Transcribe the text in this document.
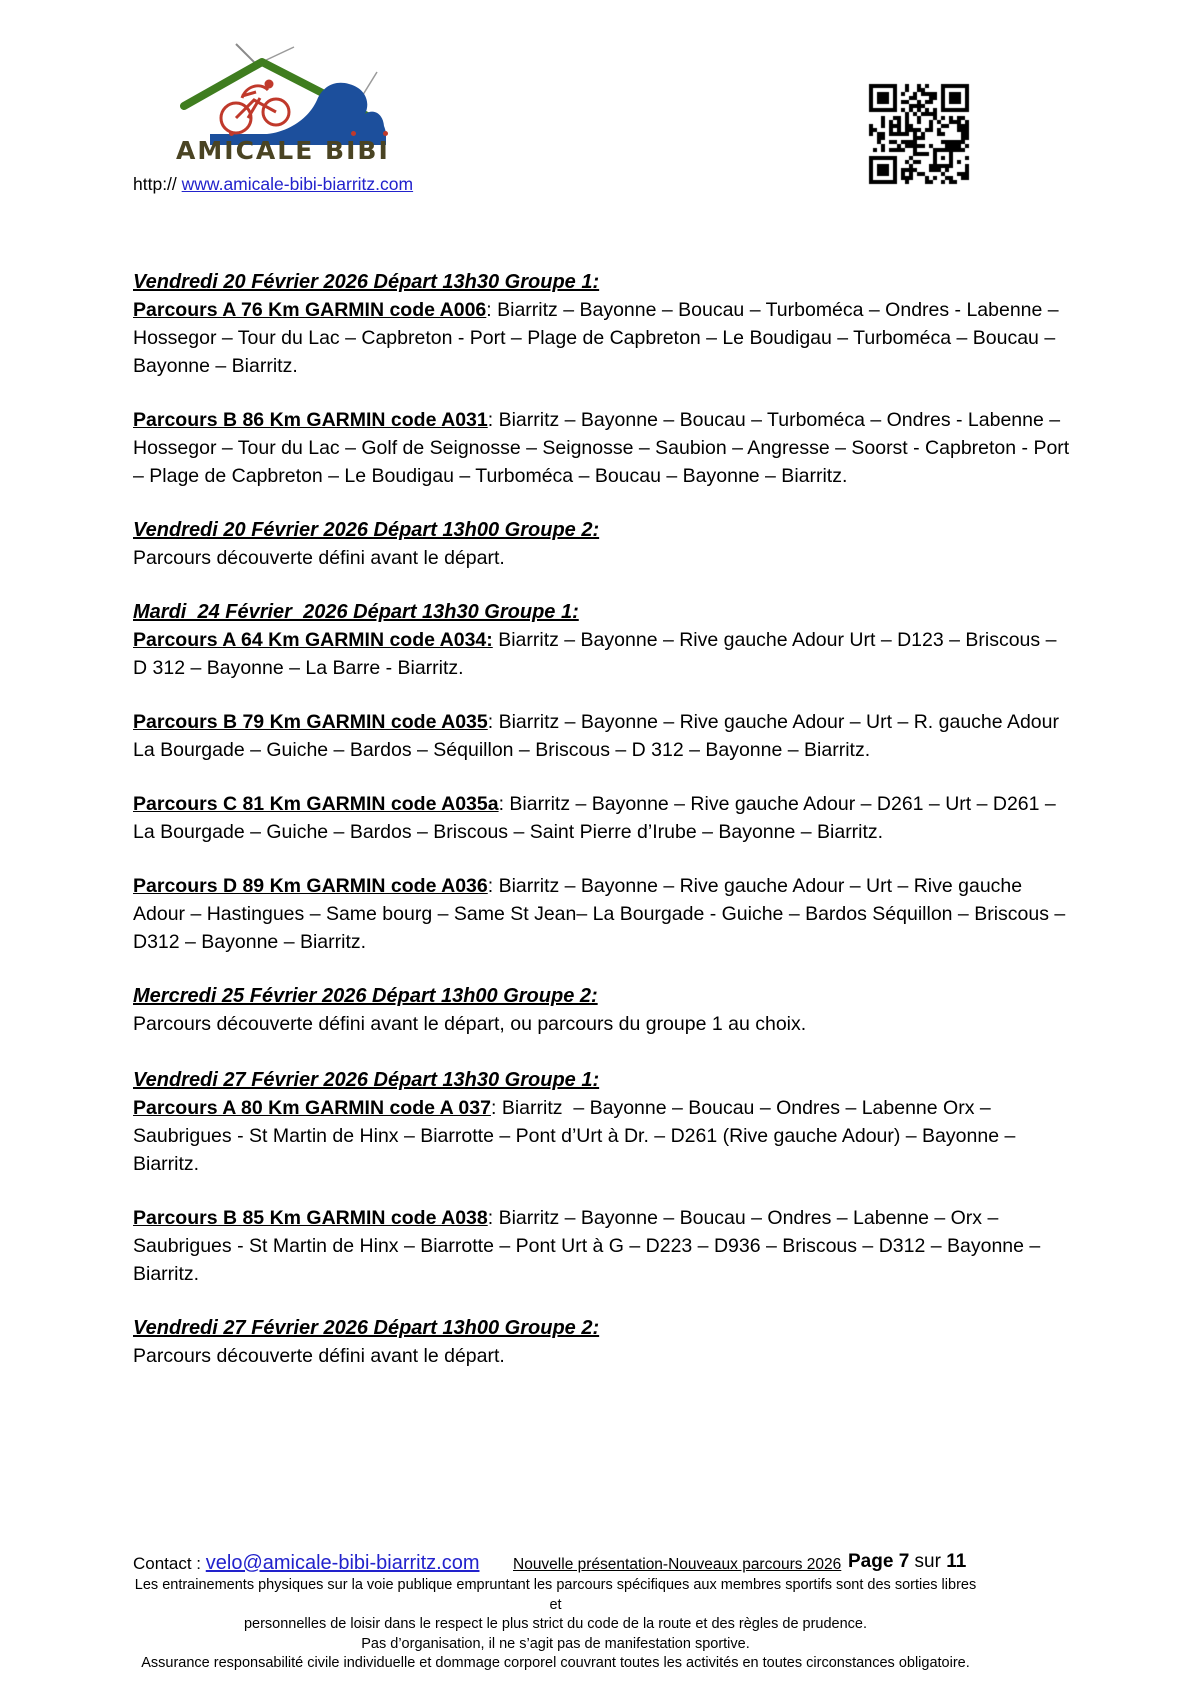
AMICALE BIBI
http:// www.amicale-bibi-biarritz.com
Vendredi 20 Février 2026 Départ 13h30 Groupe 1:

Parcours A 76 Km GARMIN code A006: Biarritz – Bayonne – Boucau – Turboméca – Ondres - Labenne – Hossegor – Tour du Lac – Capbreton - Port – Plage de Capbreton – Le Boudigau – Turboméca – Boucau – Bayonne – Biarritz.

Parcours B 86 Km GARMIN code A031: Biarritz – Bayonne – Boucau – Turboméca – Ondres - Labenne – Hossegor – Tour du Lac – Golf de Seignosse – Seignosse – Saubion – Angresse – Soorst - Capbreton - Port – Plage de Capbreton – Le Boudigau – Turboméca – Boucau – Bayonne – Biarritz.

Vendredi 20 Février 2026 Départ 13h00 Groupe 2:

Parcours découverte défini avant le départ.

Mardi  24 Février  2026 Départ 13h30 Groupe 1:

Parcours A 64 Km GARMIN code A034: Biarritz – Bayonne – Rive gauche Adour Urt – D123 – Briscous – D 312 – Bayonne – La Barre - Biarritz.

Parcours B 79 Km GARMIN code A035: Biarritz – Bayonne – Rive gauche Adour – Urt – R. gauche Adour La Bourgade – Guiche – Bardos – Séquillon – Briscous – D 312 – Bayonne – Biarritz.

Parcours C 81 Km GARMIN code A035a: Biarritz – Bayonne – Rive gauche Adour – D261 – Urt – D261 – La Bourgade – Guiche – Bardos – Briscous – Saint Pierre d’Irube – Bayonne – Biarritz.

Parcours D 89 Km GARMIN code A036: Biarritz – Bayonne – Rive gauche Adour – Urt – Rive gauche Adour – Hastingues – Same bourg – Same St Jean– La Bourgade - Guiche – Bardos Séquillon – Briscous – D312 – Bayonne – Biarritz.

Mercredi 25 Février 2026 Départ 13h00 Groupe 2:

Parcours découverte défini avant le départ, ou parcours du groupe 1 au choix.

Vendredi 27 Février 2026 Départ 13h30 Groupe 1:

Parcours A 80 Km GARMIN code A 037: Biarritz  – Bayonne – Boucau – Ondres – Labenne Orx – Saubrigues - St Martin de Hinx – Biarrotte – Pont d’Urt à Dr. – D261 (Rive gauche Adour) – Bayonne – Biarritz.

Parcours B 85 Km GARMIN code A038: Biarritz – Bayonne – Boucau – Ondres – Labenne – Orx – Saubrigues - St Martin de Hinx – Biarrotte – Pont Urt à G – D223 – D936 – Briscous – D312 – Bayonne – Biarritz.

Vendredi 27 Février 2026 Départ 13h00 Groupe 2:

Parcours découverte défini avant le départ.

Contact : velo@amicale-bibi-biarritz.com Nouvelle présentation-Nouveaux parcours 2026 Page 7 sur 11
Les entrainements physiques sur la voie publique empruntant les parcours spécifiques aux membres sportifs sont des sorties libres et
personnelles de loisir dans le respect le plus strict du code de la route et des règles de prudence.
Pas d’organisation, il ne s’agit pas de manifestation sportive.
Assurance responsabilité civile individuelle et dommage corporel couvrant toutes les activités en toutes circonstances obligatoire.
